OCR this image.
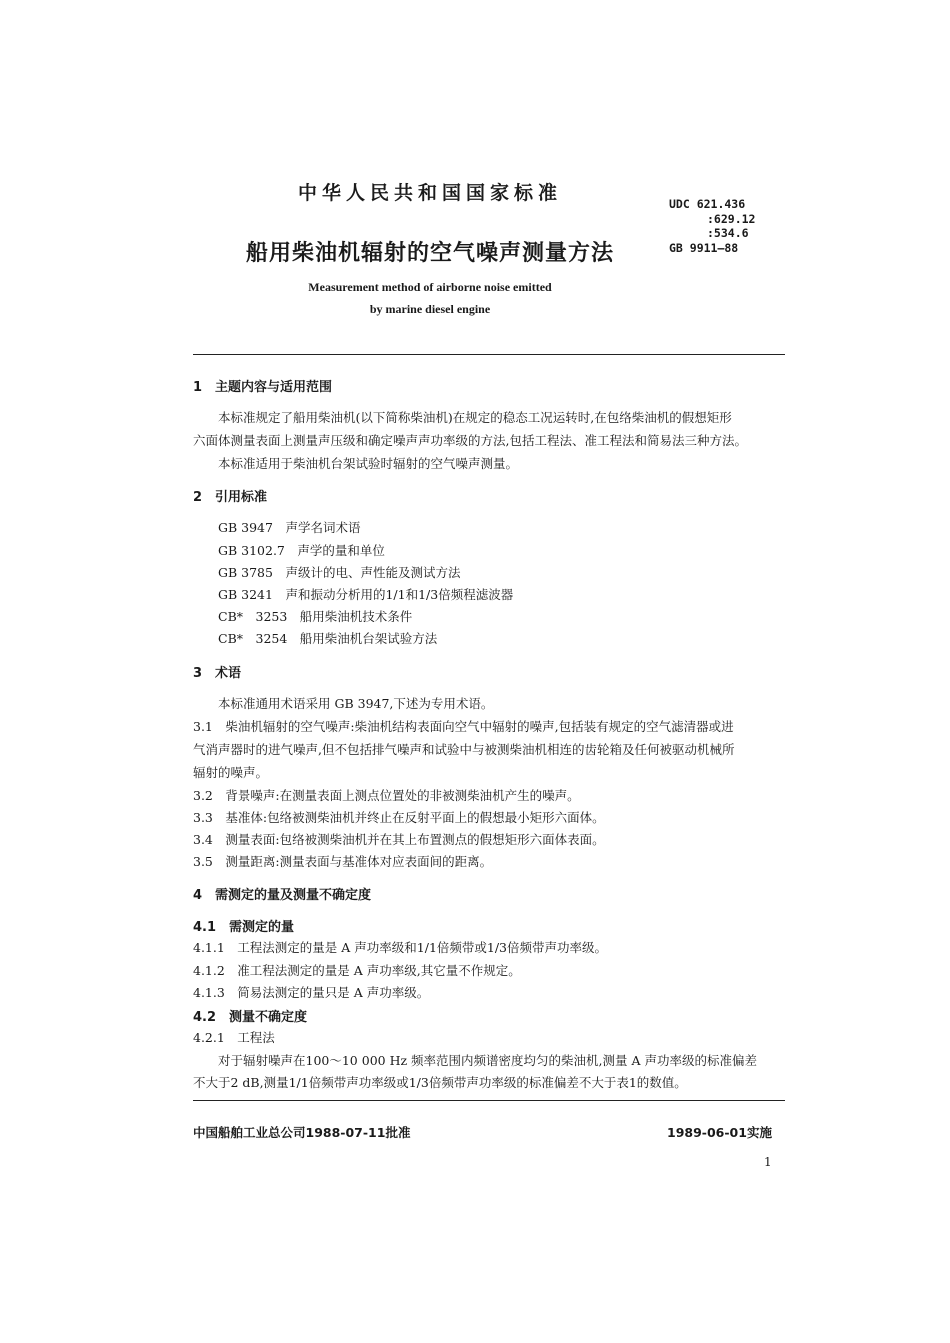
中华人民共和国国家标准	UDC 621.436
:629.12
:534.6
GB 9911—88
船用柴油机辐射的空气噪声测量方法
Measurement method of airborne noise emitted
by marine diesel engine
1　主题内容与适用范围
本标准规定了船用柴油机(以下简称柴油机)在规定的稳态工况运转时,在包络柴油机的假想矩形
六面体测量表面上测量声压级和确定噪声声功率级的方法,包括工程法、准工程法和简易法三种方法。
本标准适用于柴油机台架试验时辐射的空气噪声测量。
2　引用标准
GB 3947　声学名词术语
GB 3102.7　声学的量和单位
GB 3785　声级计的电、声性能及测试方法
GB 3241　声和振动分析用的1/1和1/3倍频程滤波器
CB*　3253　船用柴油机技术条件
CB*　3254　船用柴油机台架试验方法
3　术语
本标准通用术语采用 GB 3947,下述为专用术语。
3.1　柴油机辐射的空气噪声:柴油机结构表面向空气中辐射的噪声,包括装有规定的空气滤清器或进
气消声器时的进气噪声,但不包括排气噪声和试验中与被测柴油机相连的齿轮箱及任何被驱动机械所
辐射的噪声。
3.2　背景噪声:在测量表面上测点位置处的非被测柴油机产生的噪声。
3.3　基准体:包络被测柴油机并终止在反射平面上的假想最小矩形六面体。
3.4　测量表面:包络被测柴油机并在其上布置测点的假想矩形六面体表面。
3.5　测量距离:测量表面与基准体对应表面间的距离。
4　需测定的量及测量不确定度
4.1　需测定的量
4.1.1　工程法测定的量是 A 声功率级和1/1倍频带或1/3倍频带声功率级。
4.1.2　准工程法测定的量是 A 声功率级,其它量不作规定。
4.1.3　简易法测定的量只是 A 声功率级。
4.2　测量不确定度
4.2.1　工程法
对于辐射噪声在100～10 000 Hz 频率范围内频谱密度均匀的柴油机,测量 A 声功率级的标准偏差
不大于2 dB,测量1/1倍频带声功率级或1/3倍频带声功率级的标准偏差不大于表1的数值。
中国船舶工业总公司1988-07-11批准	1989-06-01实施
1
